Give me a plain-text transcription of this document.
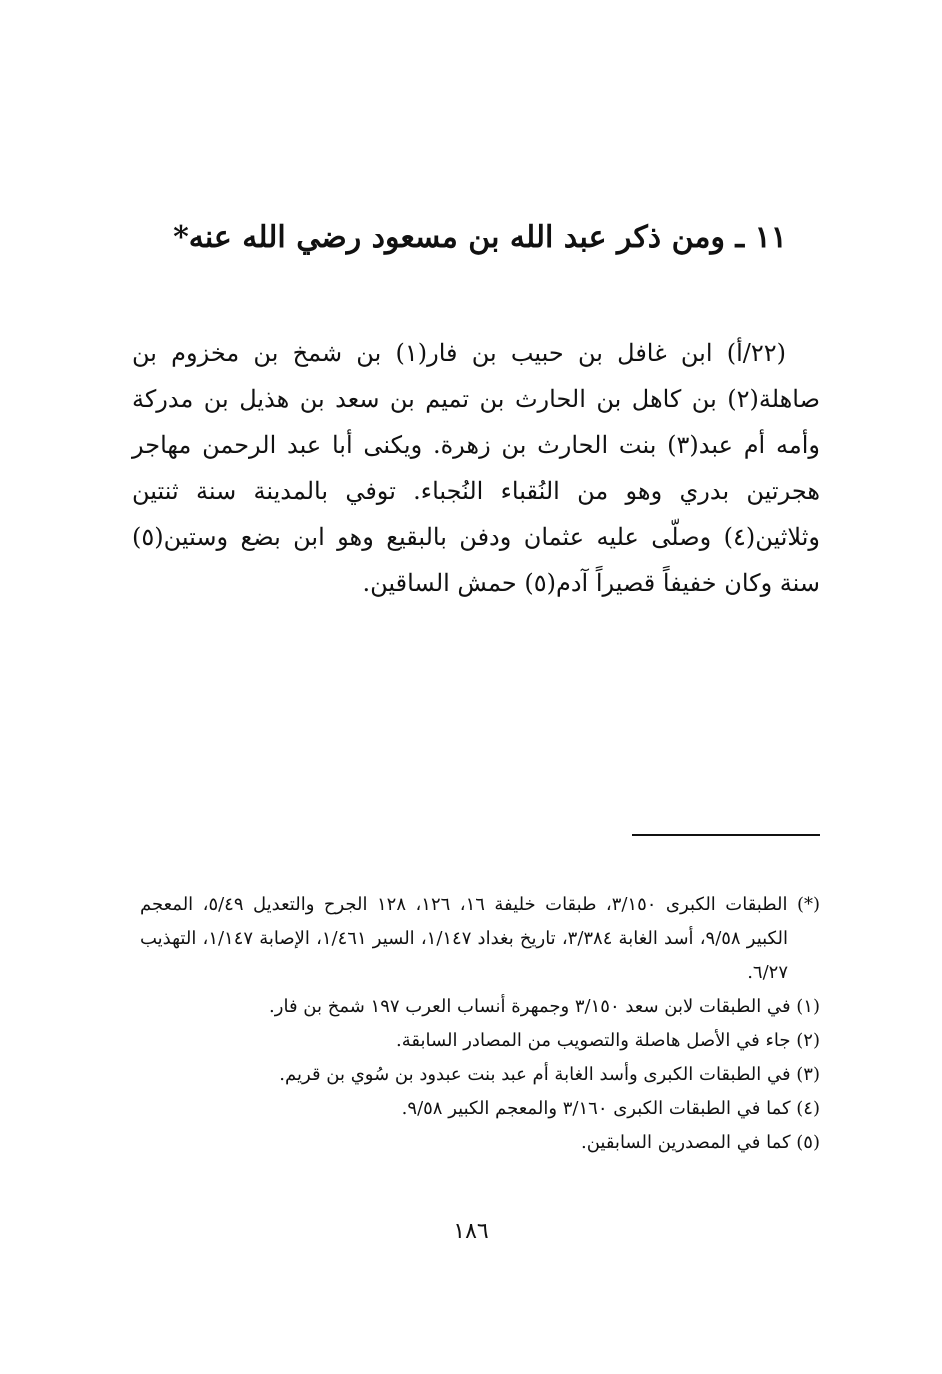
١١ ـ ومن ذكر عبد الله بن مسعود رضي الله عنه*

(٢٢/أ) ابن غافل بن حبيب بن فار(١) بن شمخ بن مخزوم بن صاهلة(٢) بن كاهل بن الحارث بن تميم بن سعد بن هذيل بن مدركة وأمه أم عبد(٣) بنت الحارث بن زهرة. ويكنى أبا عبد الرحمن مهاجر هجرتين بدري وهو من النُقباء النُجباء. توفي بالمدينة سنة ثنتين وثلاثين(٤) وصلّى عليه عثمان ودفن بالبقيع وهو ابن بضع وستين(٥) سنة وكان خفيفاً قصيراً آدم(٥) حمش الساقين.

(*) الطبقات الكبرى ٣/١٥٠، طبقات خليفة ١٦، ١٢٦، ١٢٨ الجرح والتعديل ٥/٤٩، المعجم الكبير ٩/٥٨، أسد الغابة ٣/٣٨٤، تاريخ بغداد ١/١٤٧، السير ١/٤٦١، الإصابة ١/١٤٧، التهذيب ٦/٢٧.
(١) في الطبقات لابن سعد ٣/١٥٠ وجمهرة أنساب العرب ١٩٧ شمخ بن فار.
(٢) جاء في الأصل هاصلة والتصويب من المصادر السابقة.
(٣) في الطبقات الكبرى وأسد الغابة أم عبد بنت عبدود بن سُوي بن قريم.
(٤) كما في الطبقات الكبرى ٣/١٦٠ والمعجم الكبير ٩/٥٨.
(٥) كما في المصدرين السابقين.
١٨٦
